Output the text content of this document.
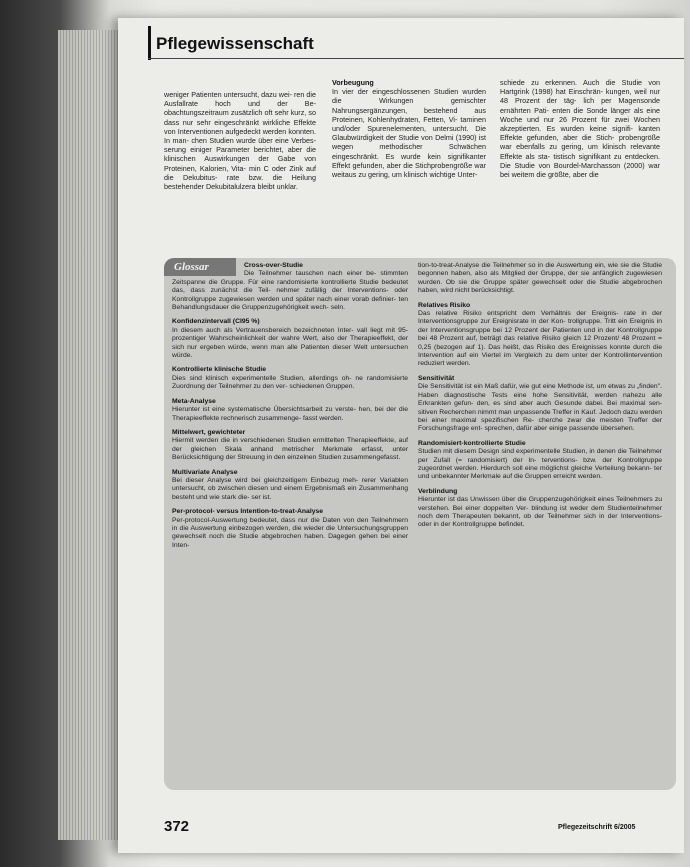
Pflegewissenschaft
weniger Patienten untersucht, dazu wei- ren die Ausfallrate hoch und der Be- obachtungszeitraum zusätzlich oft sehr kurz, so dass nur sehr eingeschränkt wirkliche Effekte von Interventionen aufgedeckt werden konnten. In man- chen Studien wurde über eine Verbes- serung einiger Parameter berichtet, aber die klinischen Auswirkungen der Gabe von Proteinen, Kalorien, Vita- min C oder Zink auf die Dekubitus- rate bzw. die Heilung bestehender Dekubitalulzera bleibt unklar.
Vorbeugung
In vier der eingeschlossenen Studien wurden die Wirkungen gemischter Nahrungsergänzungen, bestehend aus Proteinen, Kohlenhydraten, Fetten, Vi- taminen und/oder Spurenelementen, untersucht. Die Glaubwürdigkeit der Studie von Delmi (1990) ist wegen methodischer Schwächen eingeschränkt. Es wurde kein signifikanter Effekt gefunden, aber die Stichprobengröße war weitaus zu gering, um klinisch wichtige Unter-
schiede zu erkennen. Auch die Studie von Hartgrink (1998) hat Einschrän- kungen, weil nur 48 Prozent der täg- lich per Magensonde ernährten Pati- enten die Sonde länger als eine Woche und nur 26 Prozent für zwei Wochen akzeptierten. Es wurden keine signifi- kanten Effekte gefunden, aber die Stich- probengröße war ebenfalls zu gering, um klinisch relevante Effekte als sta- tistisch signifikant zu entdecken. Die Studie von Bourdel-Marchasson (2000) war bei weitem die größte, aber die
Glossar	Cross-over-Studie
Die Teilnehmer tauschen nach einer be- stimmten Zeitspanne die Gruppe. Für eine randomisierte kontrollierte Studie bedeutet das, dass zunächst die Teil- nehmer zufällig der Interventions- oder Kontrollgruppe zugewiesen werden und später nach einer vorab definier- ten Behandlungsdauer die Gruppenzugehörigkeit wech- seln.
Konfidenzintervall (CI95 %)
In diesem auch als Vertrauensbereich bezeichneten Inter- vall liegt mit 95-prozentiger Wahrscheinlichkeit der wahre Wert, also der Therapieeffekt, der sich nur ergeben würde, wenn man alle Patienten dieser Welt untersuchen würde.
Kontrollierte klinische Studie
Dies sind klinisch experimentelle Studien, allerdings oh- ne randomisierte Zuordnung der Teilnehmer zu den ver- schiedenen Gruppen.
Meta-Analyse
Hierunter ist eine systematische Übersichtsarbeit zu verste- hen, bei der die Therapieeffekte rechnerisch zusammenge- fasst werden.
Mittelwert, gewichteter
Hiermit werden die in verschiedenen Studien ermittelten Therapieeffekte, auf der gleichen Skala anhand metrischer Merkmale erfasst, unter Berücksichtigung der Streuung in den einzelnen Studien zusammengefasst.
Multivariate Analyse
Bei dieser Analyse wird bei gleichzeitigem Einbezug meh- rerer Variablen untersucht, ob zwischen diesen und einem Ergebnismaß ein Zusammenhang besteht und wie stark die- ser ist.
Per-protocol- versus Intention-to-treat-Analyse
Per-protocol-Auswertung bedeutet, dass nur die Daten von den Teilnehmern in die Auswertung einbezogen werden, die wieder die Untersuchungsgruppen gewechselt noch die Studie abgebrochen haben. Dagegen gehen bei einer Inten-
tion-to-treat-Analyse die Teilnehmer so in die Auswertung ein, wie sie die Studie begonnen haben, also als Mitglied der Gruppe, der sie anfänglich zugewiesen wurden. Ob sie die Gruppe später gewechselt oder die Studie abgebrochen haben, wird nicht berücksichtigt.
Relatives Risiko
Das relative Risiko entspricht dem Verhältnis der Ereignis- rate in der Interventionsgruppe zur Ereignisrate in der Kon- trollgruppe. Tritt ein Ereignis in der Interventionsgruppe bei 12 Prozent der Patienten und in der Kontrollgruppe bei 48 Prozent auf, beträgt das relative Risiko gleich 12 Prozent/ 48 Prozent = 0,25 (bezogen auf 1). Das heißt, das Risiko des Ereignisses konnte durch die Intervention auf ein Viertel im Vergleich zu dem unter der Kontrollintervention reduziert werden.
Sensitivität
Die Sensitivität ist ein Maß dafür, wie gut eine Methode ist, um etwas zu „finden". Haben diagnostische Tests eine hohe Sensitivität, werden nahezu alle Erkrankten gefun- den, es sind aber auch Gesunde dabei. Bei maximal sen- sitiven Recherchen nimmt man unpassende Treffer in Kauf. Jedoch dazu werden bei einer maximal spezifischen Re- cherche zwar die meisten Treffer der Forschungsfrage ent- sprechen, dafür aber einige passende übersehen.
Randomisiert-kontrollierte Studie
Studien mit diesem Design sind experimentelle Studien, in denen die Teilnehmer per Zufall (= randomisiert) der In- terventions- bzw. der Kontrollgruppe zugeordnet werden. Hierdurch soll eine möglichst gleiche Verteilung bekann- ter und unbekannter Merkmale auf die Gruppen erreicht werden.
Verblindung
Hierunter ist das Unwissen über die Gruppenzugehörigkeit eines Teilnehmers zu verstehen. Bei einer doppelten Ver- blindung ist weder dem Studienteilnehmer noch dem Therapeuten bekannt, ob der Teilnehmer sich in der Interventions- oder in der Kontrollgruppe befindet.
372	Pflegezeitschrift 6/2005
